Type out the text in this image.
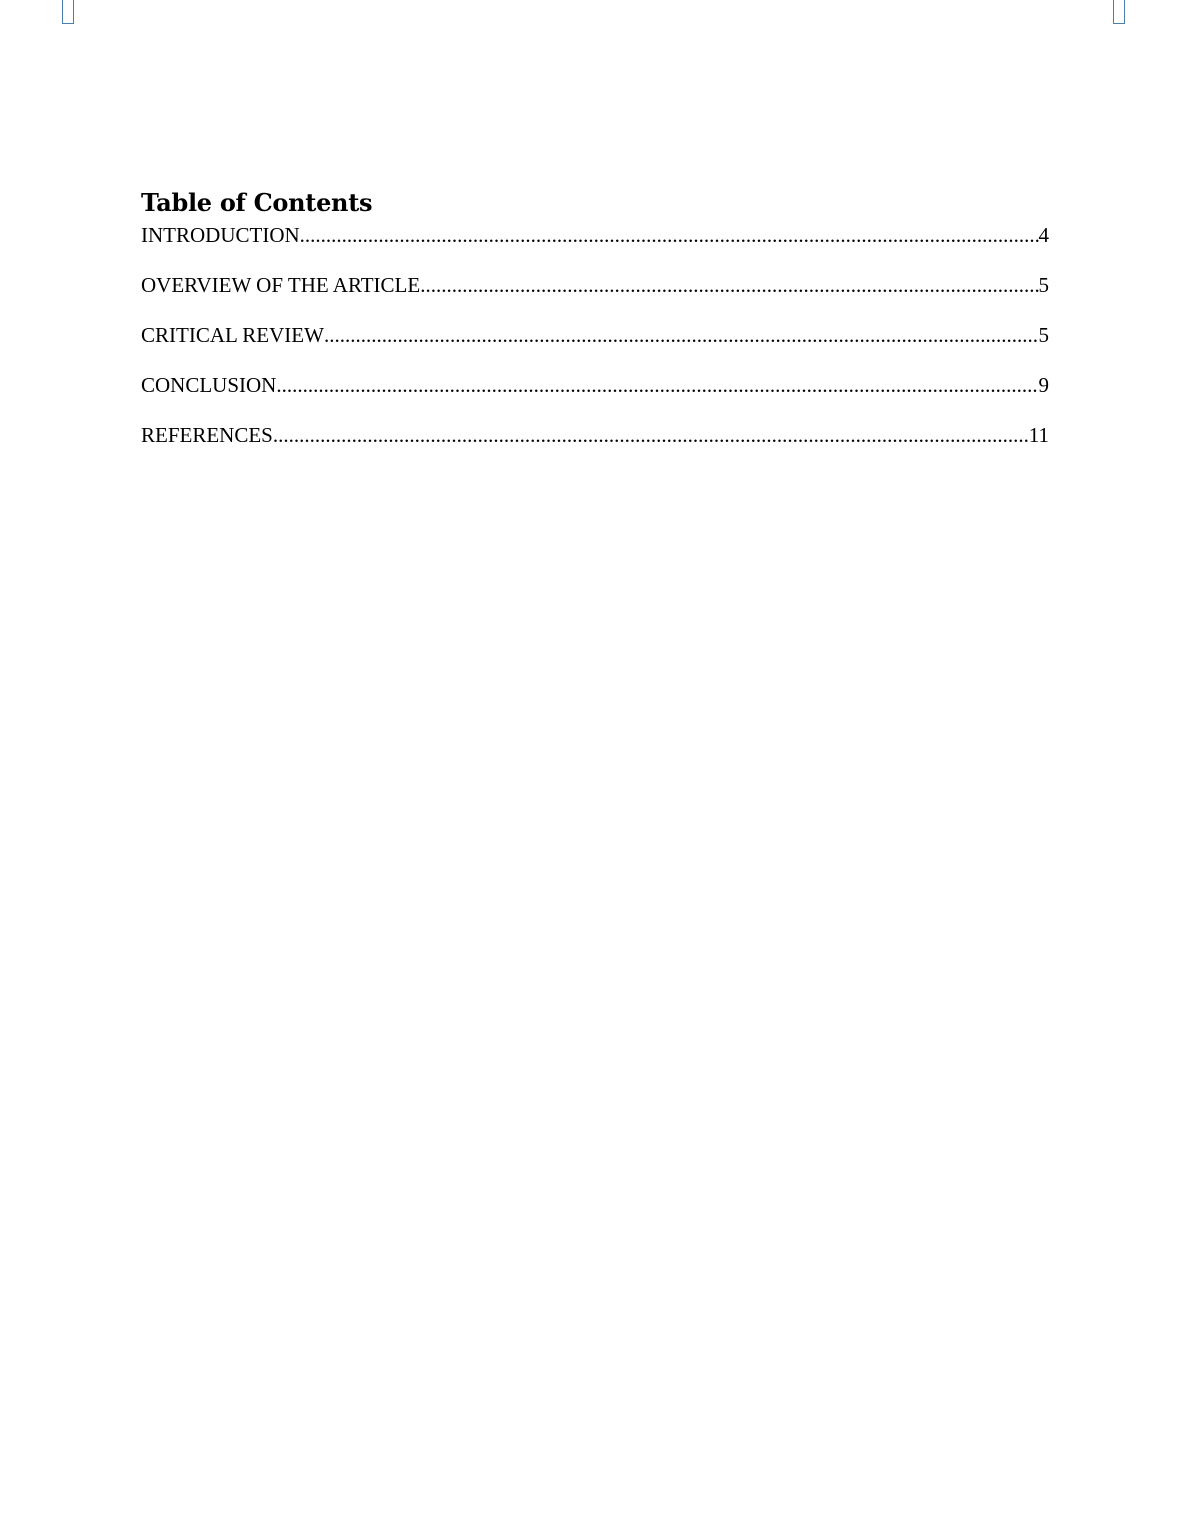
Table of Contents
INTRODUCTION .....	4
OVERVIEW OF THE ARTICLE .....	5
CRITICAL REVIEW .....	5
CONCLUSION .....	9
REFERENCES .....	11
